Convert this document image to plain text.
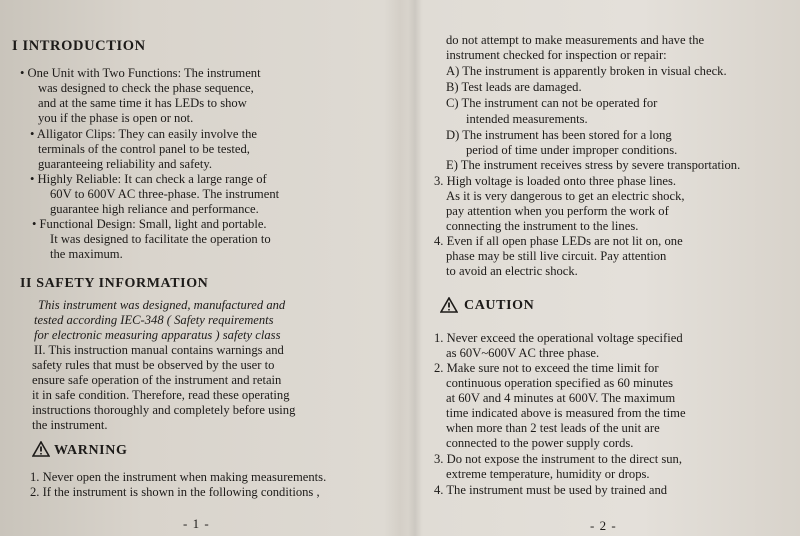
I INTRODUCTION
• One Unit with Two Functions: The instrument
was designed to check the phase sequence,
and at the same time it has LEDs to show
you if the phase is open or not.
• Alligator Clips: They can easily involve the
terminals of the control panel to be tested,
guaranteeing reliability and safety.
• Highly Reliable: It can check a large range of
60V to 600V AC three-phase. The instrument
guarantee high reliance and performance.
• Functional Design: Small, light and portable.
It was designed to facilitate the operation to
the maximum.
II SAFETY INFORMATION
This instrument was designed, manufactured and
tested according IEC-348 ( Safety requirements
for electronic measuring apparatus ) safety class
II. This instruction manual contains warnings and
safety rules that must be observed by the user to
ensure safe operation of the instrument and retain
it in safe condition. Therefore, read these operating
instructions thoroughly and completely before using
the instrument.
WARNING
1. Never open the instrument when making measurements.
2. If the instrument is shown in the following conditions ,
- 1 -
do not attempt to make measurements and have the
instrument checked for inspection or repair:
A) The instrument is apparently broken in visual check.
B) Test leads are damaged.
C) The instrument can not be operated for
intended measurements.
D) The instrument has been stored for a long
period of time under improper conditions.
E) The instrument receives stress by severe transportation.
3. High voltage is loaded onto three phase lines.
As it is very dangerous to get an electric shock,
pay attention when you perform the work of
connecting the instrument to the lines.
4. Even if all open phase LEDs are not lit on, one
phase may be still live circuit. Pay attention
to avoid an electric shock.
CAUTION
1. Never exceed the operational voltage specified
as 60V~600V AC three phase.
2. Make sure not to exceed the time limit for
continuous operation specified as 60 minutes
at 60V and 4 minutes at 600V. The maximum
time indicated above is measured from the time
when more than 2 test leads of the unit are
connected to the power supply cords.
3. Do not expose the instrument to the direct sun,
extreme temperature, humidity or drops.
4. The instrument must be used by trained and
- 2 -
